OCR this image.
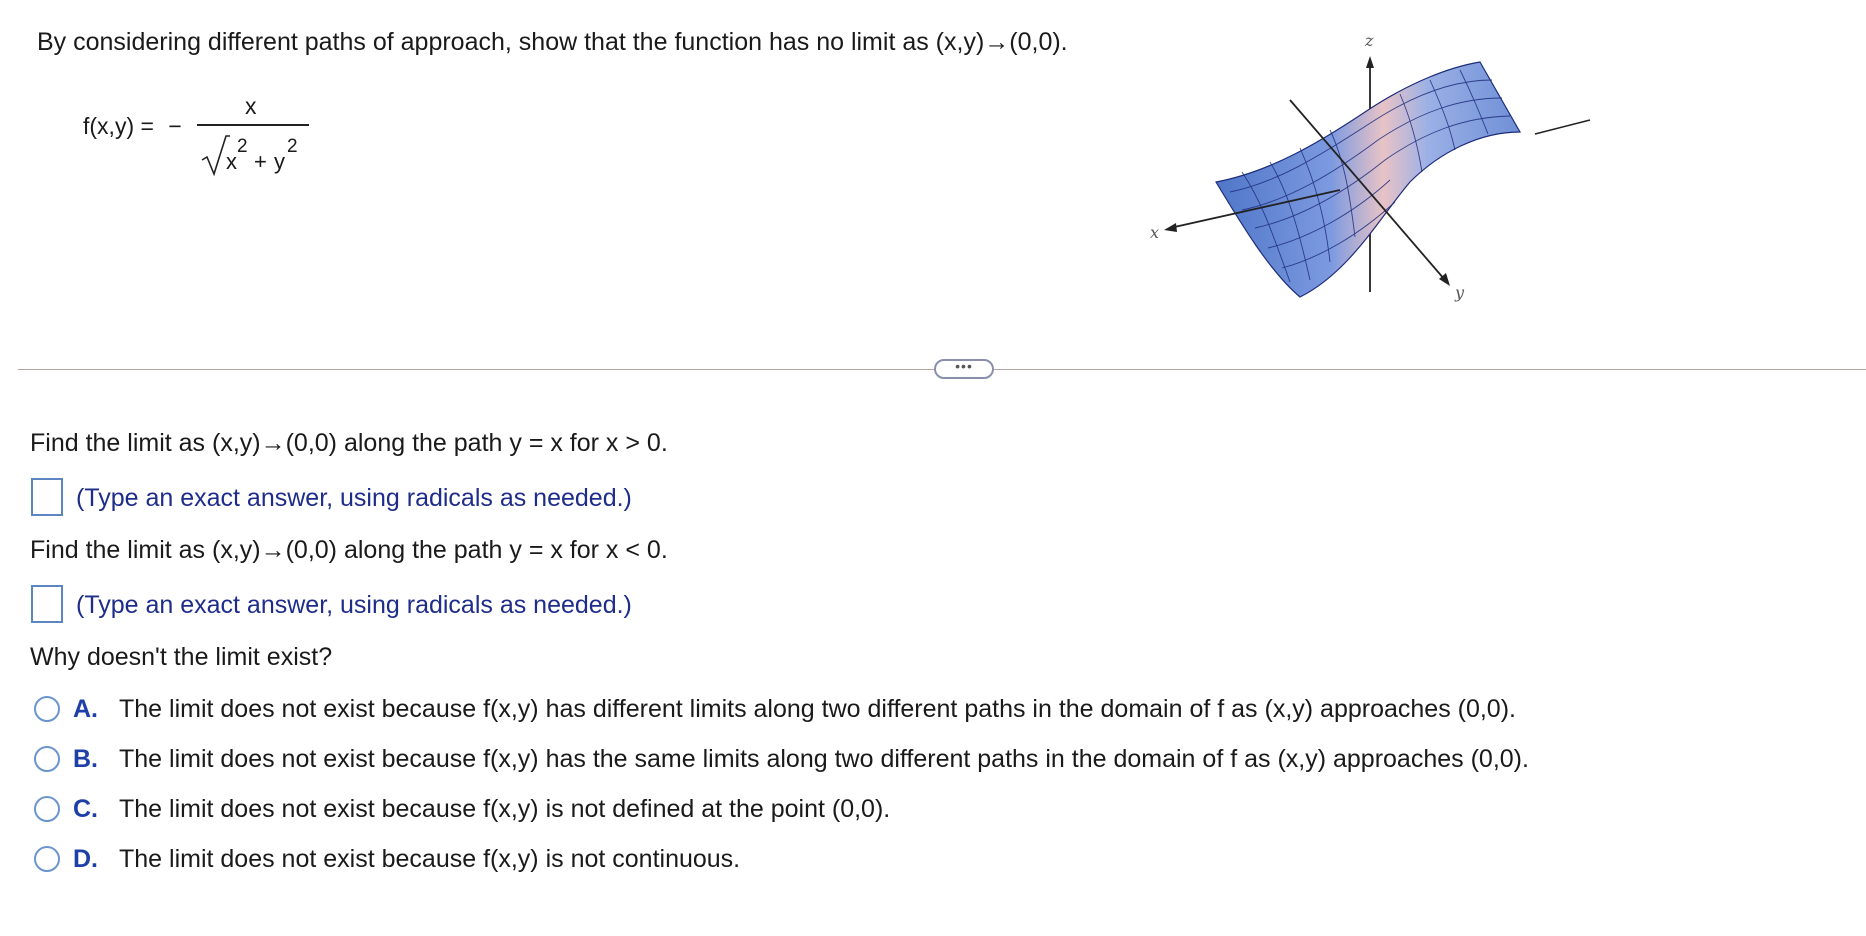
By considering different paths of approach, show that the function has no limit as (x,y)→(0,0).
f(x,y) = −
x
x
2
+ y
2
z
x
y
•••
Find the limit as (x,y)→(0,0) along the path y = x for x > 0.
(Type an exact answer, using radicals as needed.)
Find the limit as (x,y)→(0,0) along the path y = x for x < 0.
(Type an exact answer, using radicals as needed.)
Why doesn't the limit exist?
A. The limit does not exist because f(x,y) has different limits along two different paths in the domain of f as (x,y) approaches (0,0).
B. The limit does not exist because f(x,y) has the same limits along two different paths in the domain of f as (x,y) approaches (0,0).
C. The limit does not exist because f(x,y) is not defined at the point (0,0).
D. The limit does not exist because f(x,y) is not continuous.
